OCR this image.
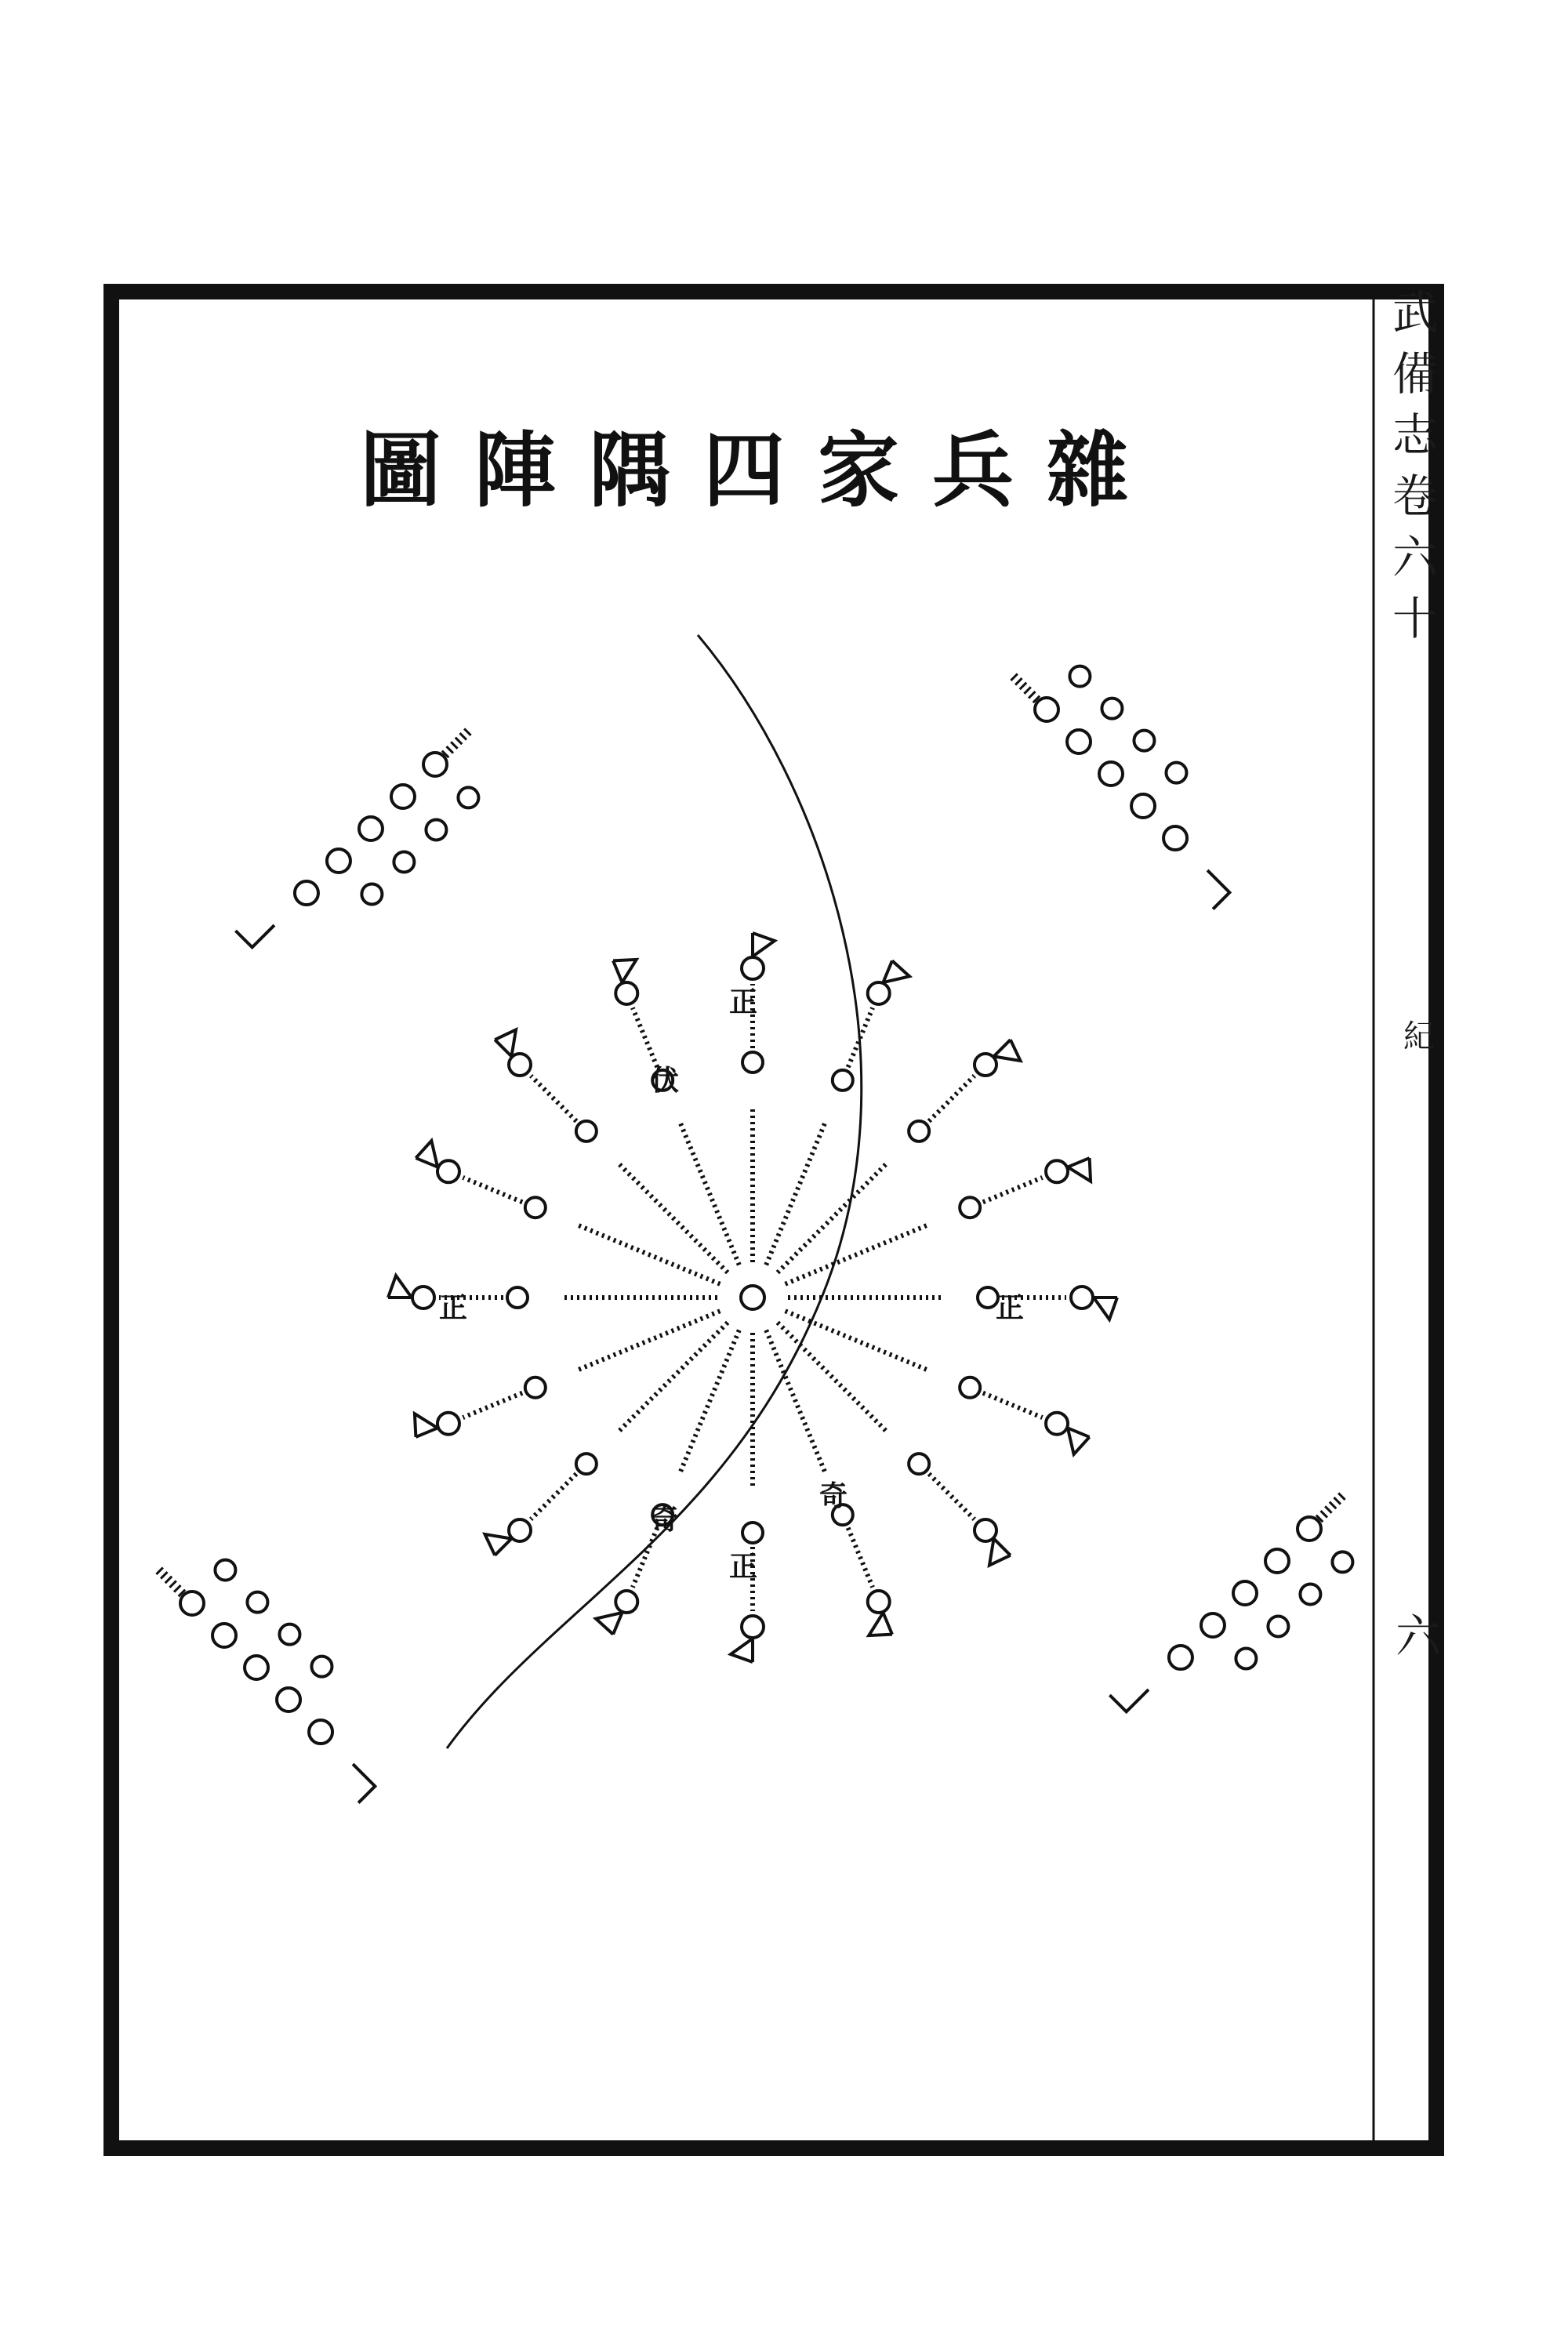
正
伏
正
正
正
奇
奇
雜兵家四隅陣圖
武備志卷六十
紀
六
